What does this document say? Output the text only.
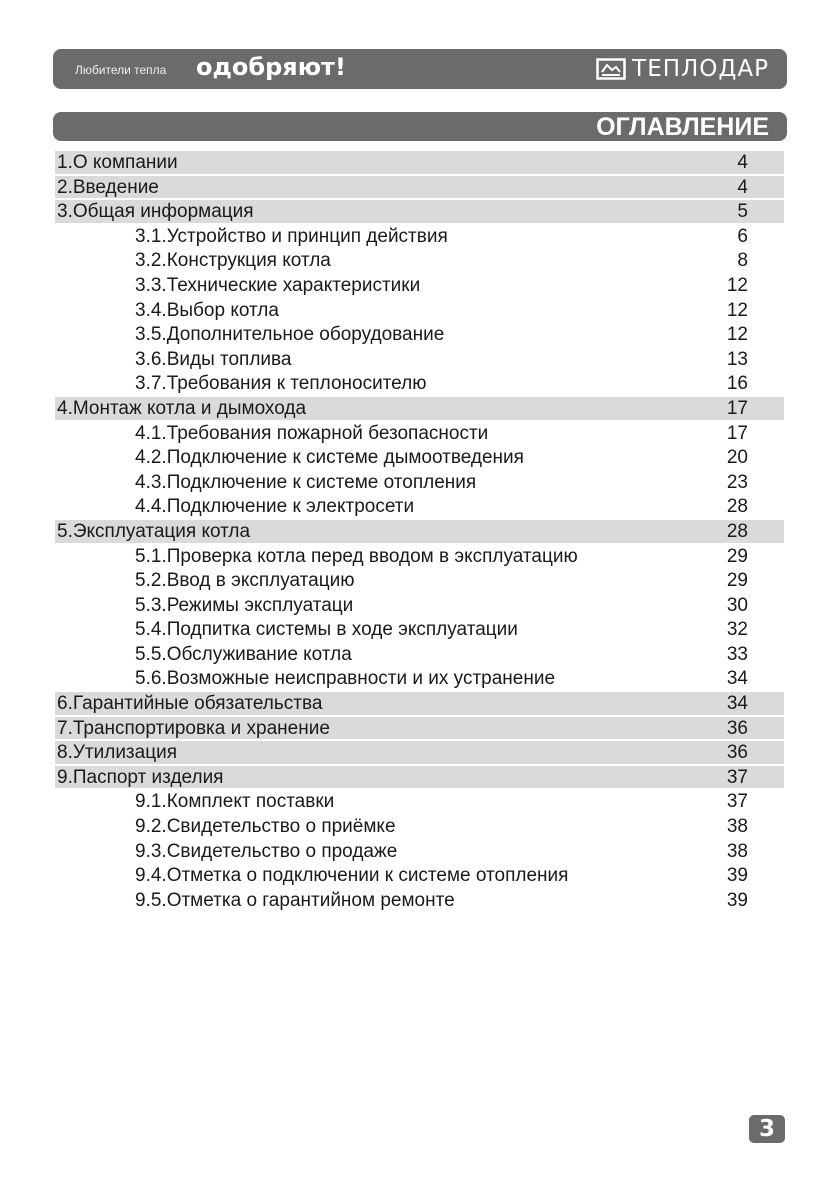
Любители тепла одобряют!	ТЕПЛОДАР
ОГЛАВЛЕНИЕ
1.О компании	4
2.Введение	4
3.Общая информация	5
3.1.Устройство и принцип действия	6
3.2.Конструкция котла	8
3.3.Технические характеристики	12
3.4.Выбор котла	12
3.5.Дополнительное оборудование	12
3.6.Виды топлива	13
3.7.Требования к теплоносителю	16
4.Монтаж котла и дымохода	17
4.1.Требования пожарной безопасности	17
4.2.Подключение к системе дымоотведения	20
4.3.Подключение к системе отопления	23
4.4.Подключение к электросети	28
5.Эксплуатация котла	28
5.1.Проверка котла перед вводом в эксплуатацию	29
5.2.Ввод в эксплуатацию	29
5.3.Режимы эксплуатаци	30
5.4.Подпитка системы в ходе эксплуатации	32
5.5.Обслуживание котла	33
5.6.Возможные неисправности и их устранение	34
6.Гарантийные обязательства	34
7.Транспортировка и хранение	36
8.Утилизация	36
9.Паспорт изделия	37
9.1.Комплект поставки	37
9.2.Свидетельство о приёмке	38
9.3.Свидетельство о продаже	38
9.4.Отметка о подключении к системе отопления	39
9.5.Отметка о гарантийном ремонте	39
3
